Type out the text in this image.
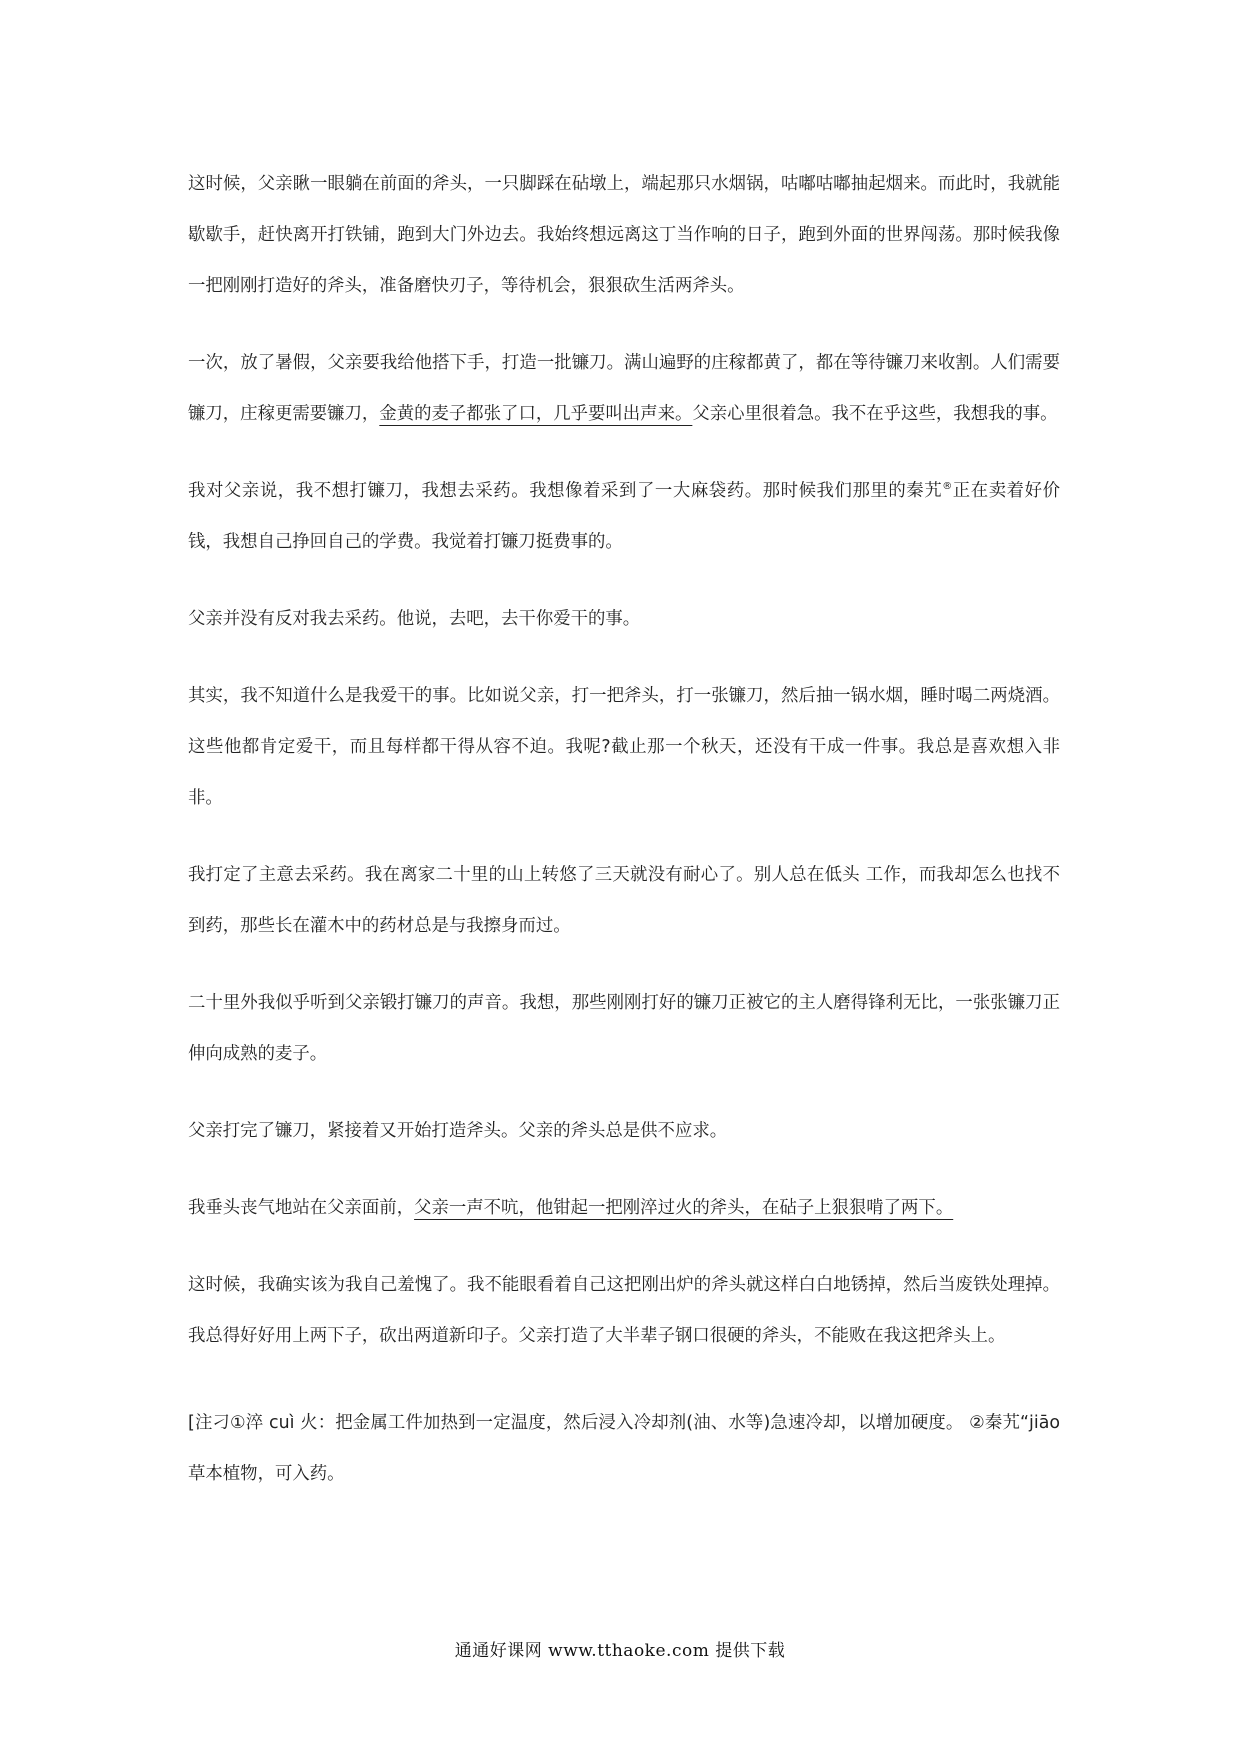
这时候，父亲瞅一眼躺在前面的斧头，一只脚踩在砧墩上，端起那只水烟锅，咕嘟咕嘟抽起烟来。而此时，我就能歇歇手，赶快离开打铁铺，跑到大门外边去。我始终想远离这丁当作响的日子，跑到外面的世界闯荡。那时候我像一把刚刚打造好的斧头，准备磨快刃子，等待机会，狠狠砍生活两斧头。

一次，放了暑假，父亲要我给他搭下手，打造一批镰刀。满山遍野的庄稼都黄了，都在等待镰刀来收割。人们需要镰刀，庄稼更需要镰刀，金黄的麦子都张了口，几乎要叫出声来。父亲心里很着急。我不在乎这些，我想我的事。

我对父亲说，我不想打镰刀，我想去采药。我想像着采到了一大麻袋药。那时候我们那里的秦艽®正在卖着好价钱，我想自己挣回自己的学费。我觉着打镰刀挺费事的。

父亲并没有反对我去采药。他说，去吧，去干你爱干的事。

其实，我不知道什么是我爱干的事。比如说父亲，打一把斧头，打一张镰刀，然后抽一锅水烟，睡时喝二两烧酒。这些他都肯定爱干，而且每样都干得从容不迫。我呢?截止那一个秋天，还没有干成一件事。我总是喜欢想入非非。

我打定了主意去采药。我在离家二十里的山上转悠了三天就没有耐心了。别人总在低头 工作，而我却怎么也找不到药，那些长在灌木中的药材总是与我擦身而过。

二十里外我似乎听到父亲锻打镰刀的声音。我想，那些刚刚打好的镰刀正被它的主人磨得锋利无比，一张张镰刀正伸向成熟的麦子。

父亲打完了镰刀，紧接着又开始打造斧头。父亲的斧头总是供不应求。

我垂头丧气地站在父亲面前，父亲一声不吭，他钳起一把刚淬过火的斧头，在砧子上狠狠啃了两下。

这时候，我确实该为我自己羞愧了。我不能眼看着自己这把刚出炉的斧头就这样白白地锈掉，然后当废铁处理掉。我总得好好用上两下子，砍出两道新印子。父亲打造了大半辈子钢口很硬的斧头，不能败在我这把斧头上。

[注刁①淬 cuì 火：把金属工件加热到一定温度，然后浸入冷却剂(油、水等)急速冷却，以增加硬度。 ②秦艽“jiāo 草本植物，可入药。

通通好课网 www.tthaoke.com 提供下载
